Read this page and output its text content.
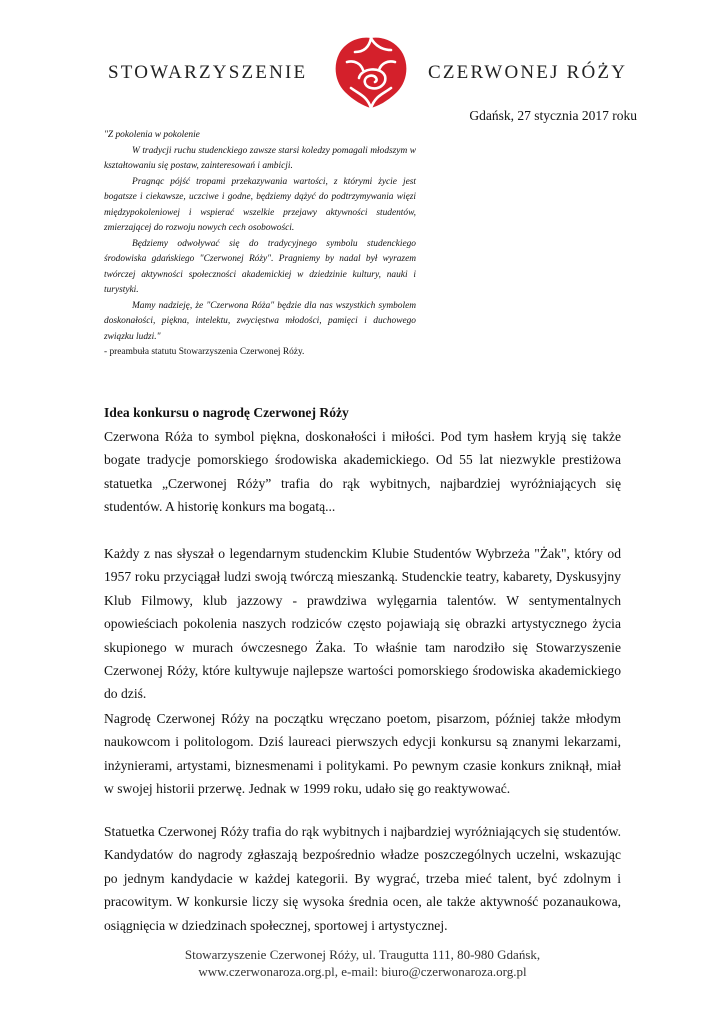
STOWARZYSZENIE	CZERWONEJ RÓŻY
Gdańsk, 27 stycznia 2017 roku

"Z pokolenia w pokolenie

W tradycji ruchu studenckiego zawsze starsi koledzy pomagali młodszym w kształtowaniu się postaw, zainteresowań i ambicji.

Pragnąc pójść tropami przekazywania wartości, z którymi życie jest bogatsze i ciekawsze, uczciwe i godne, będziemy dążyć do podtrzymywania więzi międzypokoleniowej i wspierać wszelkie przejawy aktywności studentów, zmierzającej do rozwoju nowych cech osobowości.

Będziemy odwoływać się do tradycyjnego symbolu studenckiego środowiska gdańskiego "Czerwonej Róży". Pragniemy by nadal był wyrazem twórczej aktywności społeczności akademickiej w dziedzinie kultury, nauki i turystyki.

Mamy nadzieję, że "Czerwona Róża" będzie dla nas wszystkich symbolem doskonałości, piękna, intelektu, zwycięstwa młodości, pamięci i duchowego związku ludzi."

- preambuła statutu Stowarzyszenia Czerwonej Róży.

Idea konkursu o nagrodę Czerwonej Róży

Czerwona Róża to symbol piękna, doskonałości i miłości. Pod tym hasłem kryją się także bogate tradycje pomorskiego środowiska akademickiego. Od 55 lat niezwykle prestiżowa statuetka „Czerwonej Róży” trafia do rąk wybitnych, najbardziej wyróżniających się studentów. A historię konkurs ma bogatą...

Każdy z nas słyszał o legendarnym studenckim Klubie Studentów Wybrzeża "Żak", który od 1957 roku przyciągał ludzi swoją twórczą mieszanką. Studenckie teatry, kabarety, Dyskusyjny Klub Filmowy, klub jazzowy - prawdziwa wylęgarnia talentów. W sentymentalnych opowieściach pokolenia naszych rodziców często pojawiają się obrazki artystycznego życia skupionego w murach ówczesnego Żaka. To właśnie tam narodziło się Stowarzyszenie Czerwonej Róży, które kultywuje najlepsze wartości pomorskiego środowiska akademickiego do dziś.

Nagrodę Czerwonej Róży na początku wręczano poetom, pisarzom, później także młodym naukowcom i politologom. Dziś laureaci pierwszych edycji konkursu są znanymi lekarzami, inżynierami, artystami, biznesmenami i politykami. Po pewnym czasie konkurs zniknął, miał w swojej historii przerwę. Jednak w 1999 roku, udało się go reaktywować.

Statuetka Czerwonej Róży trafia do rąk wybitnych i najbardziej wyróżniających się studentów. Kandydatów do nagrody zgłaszają bezpośrednio władze poszczególnych uczelni, wskazując po jednym kandydacie w każdej kategorii. By wygrać, trzeba mieć talent, być zdolnym i pracowitym. W konkursie liczy się wysoka średnia ocen, ale także aktywność pozanaukowa, osiągnięcia w dziedzinach społecznej, sportowej i artystycznej.

Stowarzyszenie Czerwonej Róży, ul. Traugutta 111, 80-980 Gdańsk,
www.czerwonaroza.org.pl, e-mail: biuro@czerwonaroza.org.pl
